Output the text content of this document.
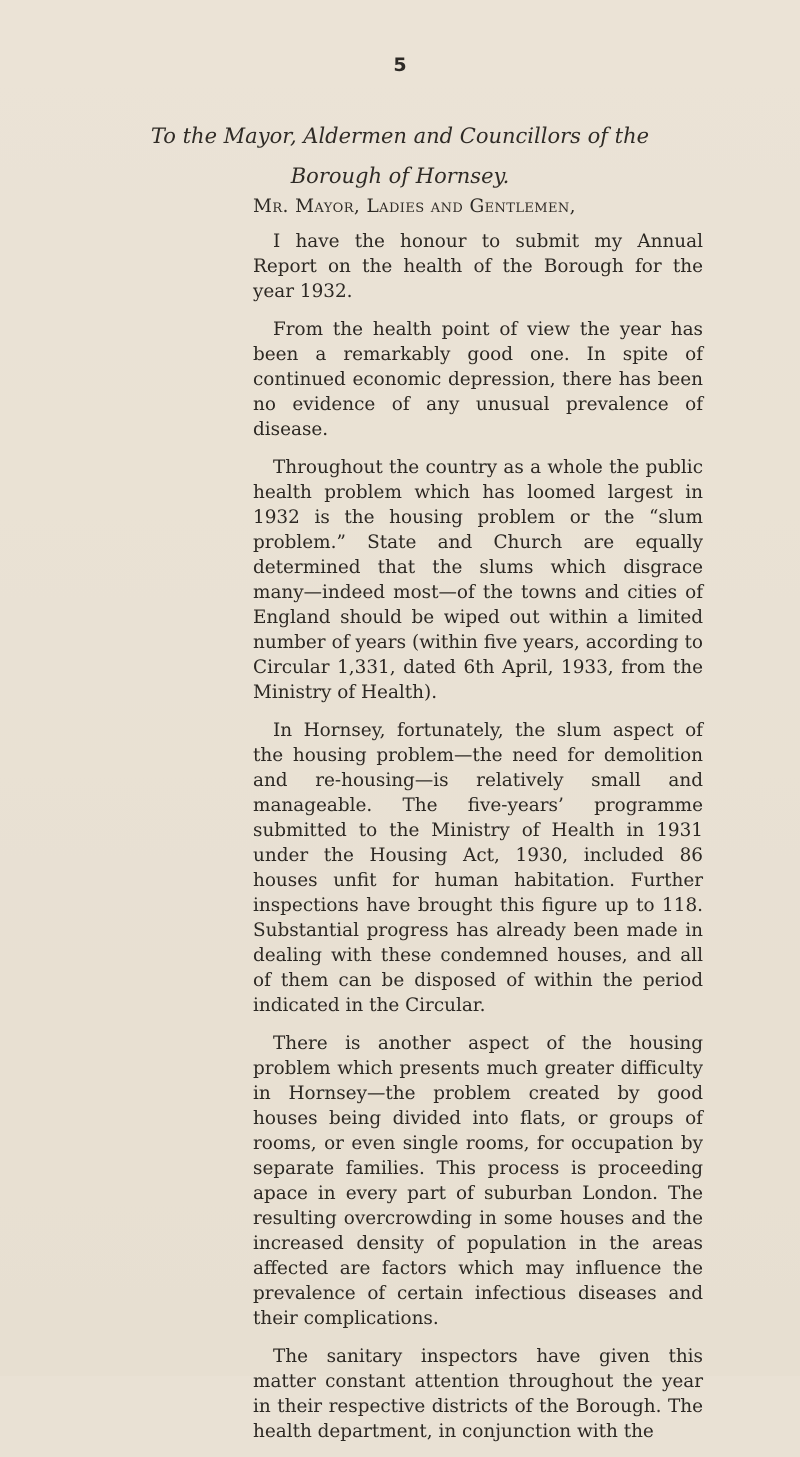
5
To the Mayor, Aldermen and Councillors of the
Borough of Hornsey.
Mr. Mayor, Ladies and Gentlemen,

I have the honour to submit my Annual Report on the health of the Borough for the year 1932.

From the health point of view the year has been a remarkably good one. In spite of continued economic depression, there has been no evidence of any unusual prevalence of disease.

Throughout the country as a whole the public health problem which has loomed largest in 1932 is the housing problem or the “slum problem.” State and Church are equally determined that the slums which disgrace many—indeed most—of the towns and cities of England should be wiped out within a limited number of years (within five years, according to Circular 1,331, dated 6th April, 1933, from the Ministry of Health).

In Hornsey, fortunately, the slum aspect of the housing problem—the need for demolition and re-housing—is relatively small and manageable. The five-years’ programme submitted to the Ministry of Health in 1931 under the Housing Act, 1930, included 86 houses unfit for human habitation. Further inspections have brought this figure up to 118. Substantial progress has already been made in dealing with these condemned houses, and all of them can be disposed of within the period indicated in the Circular.

There is another aspect of the housing problem which presents much greater difficulty in Hornsey—the problem created by good houses being divided into flats, or groups of rooms, or even single rooms, for occupation by separate families. This process is proceeding apace in every part of suburban London. The resulting overcrowding in some houses and the increased density of population in the areas affected are factors which may influence the prevalence of certain infectious diseases and their complications.

The sanitary inspectors have given this matter constant attention throughout the year in their respective districts of the Borough. The health department, in conjunction with the
